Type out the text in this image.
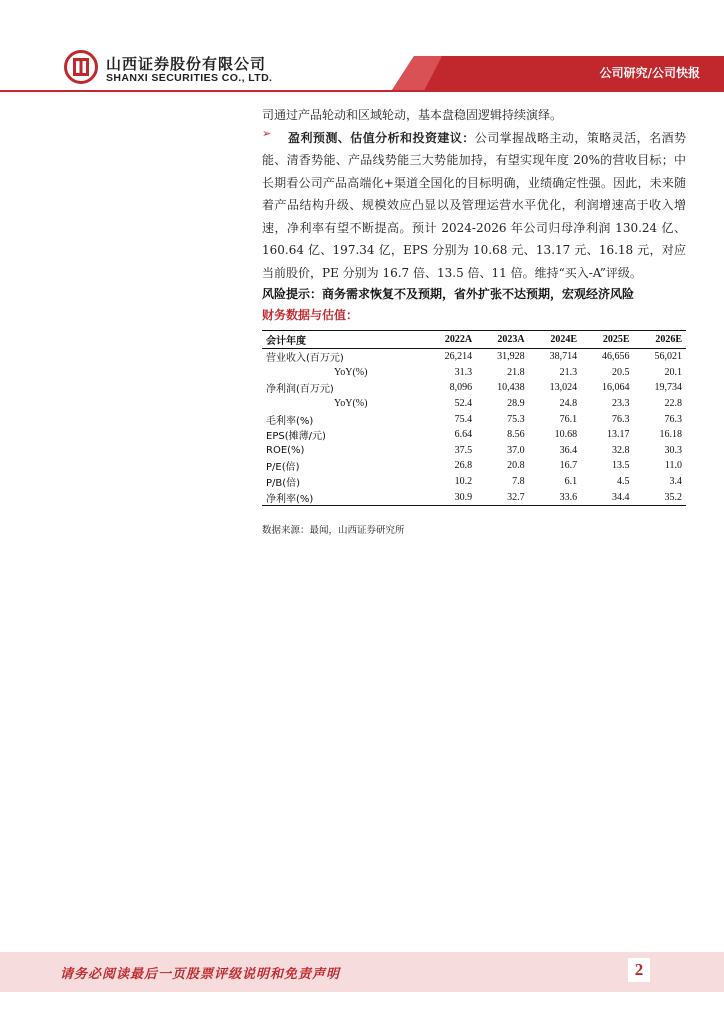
山西证券股份有限公司
SHANXI SECURITIES CO., LTD.	公司研究/公司快报

司通过产品轮动和区域轮动，基本盘稳固逻辑持续演绎。

➢	盈利预测、估值分析和投资建议：公司掌握战略主动，策略灵活，名酒势能、清香势能、产品线势能三大势能加持，有望实现年度 20%的营收目标；中长期看公司产品高端化+渠道全国化的目标明确，业绩确定性强。因此，未来随着产品结构升级、规模效应凸显以及管理运营水平优化，利润增速高于收入增速，净利率有望不断提高。预计 2024-2026 年公司归母净利润 130.24 亿、160.64 亿、197.34 亿，EPS 分别为 10.68 元、13.17 元、16.18 元，对应当前股价，PE 分别为 16.7 倍、13.5 倍、11 倍。维持“买入-A”评级。

风险提示：商务需求恢复不及预期，省外扩张不达预期，宏观经济风险

财务数据与估值：

会计年度	2022A	2023A	2024E	2025E	2026E
营业收入(百万元)	26,214	31,928	38,714	46,656	56,021
YoY(%)	31.3	21.8	21.3	20.5	20.1
净利润(百万元)	8,096	10,438	13,024	16,064	19,734
YoY(%)	52.4	28.9	24.8	23.3	22.8
毛利率(%)	75.4	75.3	76.1	76.3	76.3
EPS(摊薄/元)	6.64	8.56	10.68	13.17	16.18
ROE(%)	37.5	37.0	36.4	32.8	30.3
P/E(倍)	26.8	20.8	16.7	13.5	11.0
P/B(倍)	10.2	7.8	6.1	4.5	3.4
净利率(%)	30.9	32.7	33.6	34.4	35.2
数据来源：最闻，山西证券研究所
请务必阅读最后一页股票评级说明和免责声明	2
